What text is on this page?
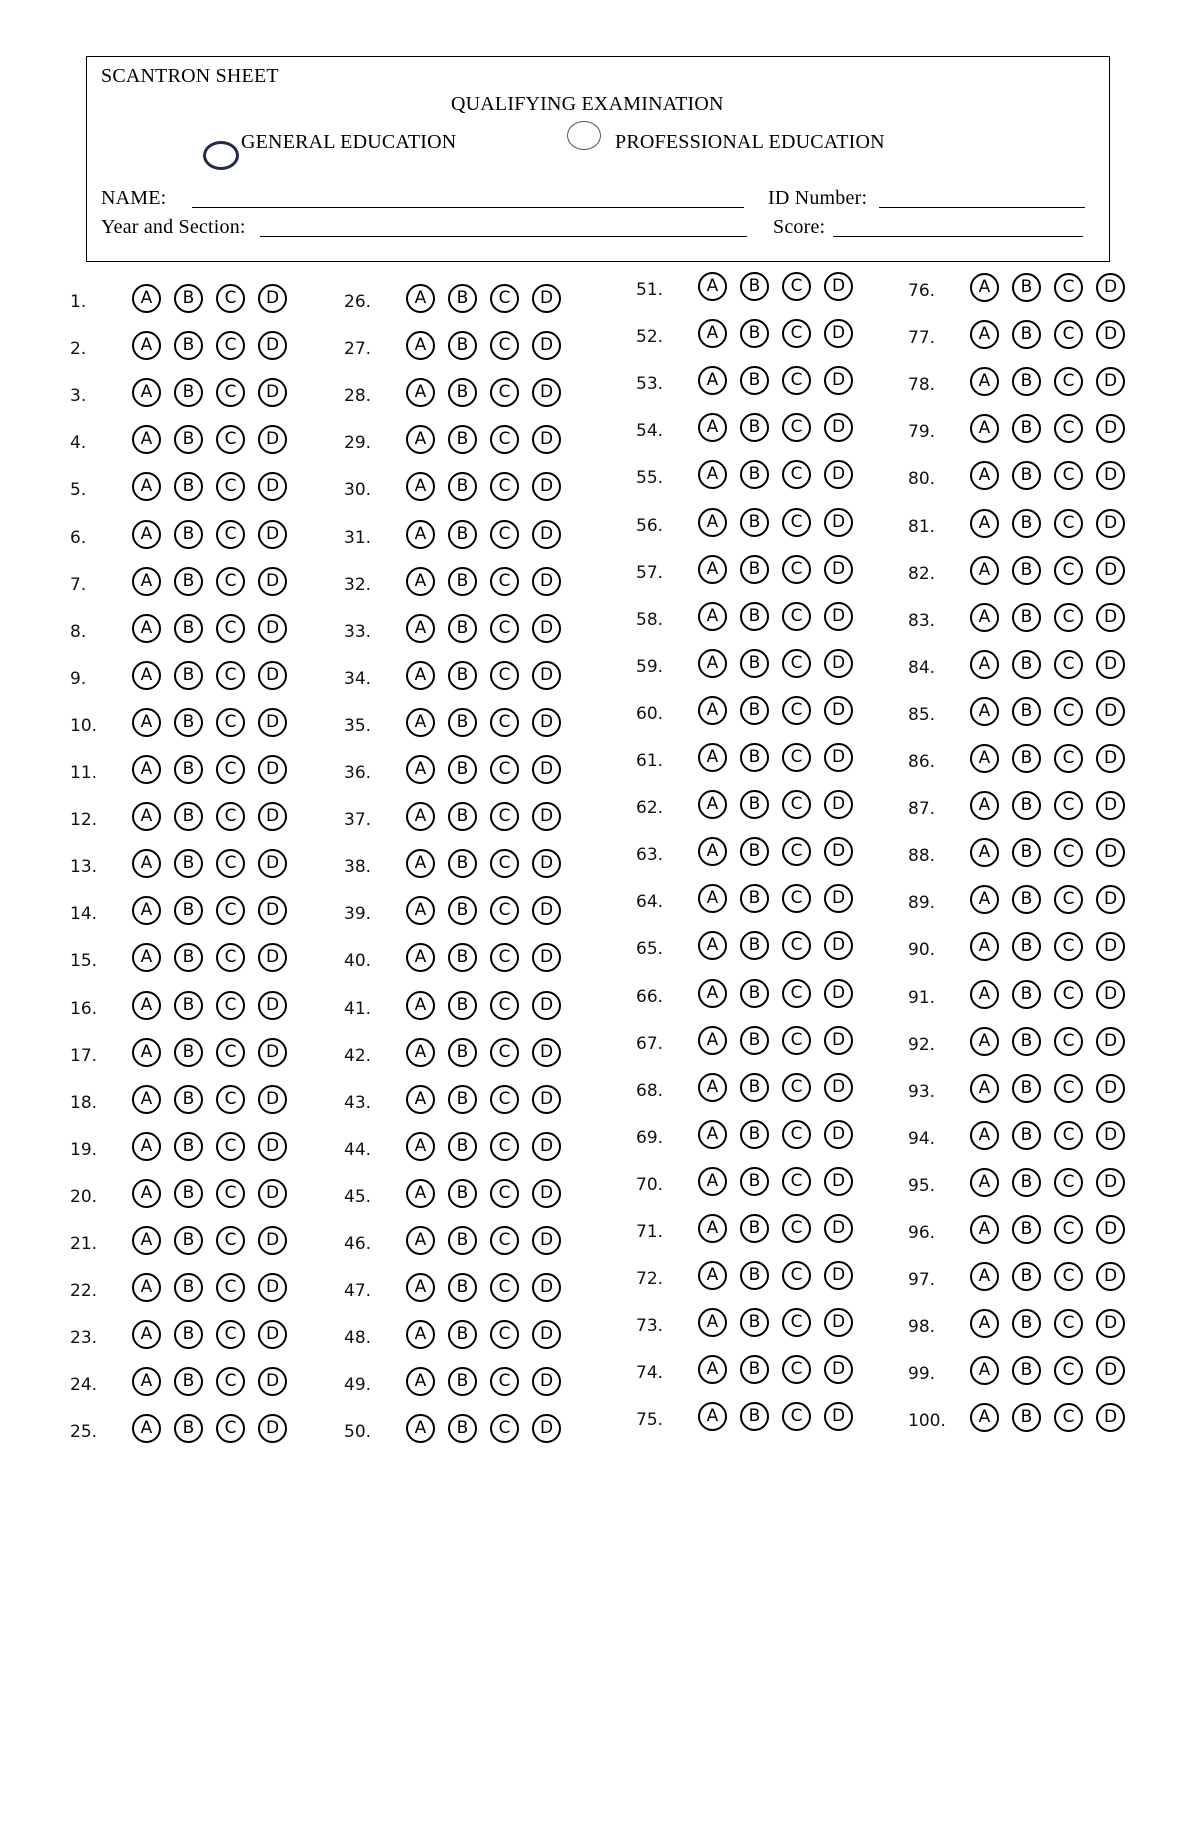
SCANTRON SHEET
QUALIFYING EXAMINATION
GENERAL EDUCATION	PROFESSIONAL EDUCATION
NAME:	ID Number:
Year and Section:	Score:
1.	A	B	C	D
2.	A	B	C	D
3.	A	B	C	D
4.	A	B	C	D
5.	A	B	C	D
6.	A	B	C	D
7.	A	B	C	D
8.	A	B	C	D
9.	A	B	C	D
10.	A	B	C	D
11.	A	B	C	D
12.	A	B	C	D
13.	A	B	C	D
14.	A	B	C	D
15.	A	B	C	D
16.	A	B	C	D
17.	A	B	C	D
18.	A	B	C	D
19.	A	B	C	D
20.	A	B	C	D
21.	A	B	C	D
22.	A	B	C	D
23.	A	B	C	D
24.	A	B	C	D
25.	A	B	C	D
26.	A	B	C	D
27.	A	B	C	D
28.	A	B	C	D
29.	A	B	C	D
30.	A	B	C	D
31.	A	B	C	D
32.	A	B	C	D
33.	A	B	C	D
34.	A	B	C	D
35.	A	B	C	D
36.	A	B	C	D
37.	A	B	C	D
38.	A	B	C	D
39.	A	B	C	D
40.	A	B	C	D
41.	A	B	C	D
42.	A	B	C	D
43.	A	B	C	D
44.	A	B	C	D
45.	A	B	C	D
46.	A	B	C	D
47.	A	B	C	D
48.	A	B	C	D
49.	A	B	C	D
50.	A	B	C	D
51.	A	B	C	D
52.	A	B	C	D
53.	A	B	C	D
54.	A	B	C	D
55.	A	B	C	D
56.	A	B	C	D
57.	A	B	C	D
58.	A	B	C	D
59.	A	B	C	D
60.	A	B	C	D
61.	A	B	C	D
62.	A	B	C	D
63.	A	B	C	D
64.	A	B	C	D
65.	A	B	C	D
66.	A	B	C	D
67.	A	B	C	D
68.	A	B	C	D
69.	A	B	C	D
70.	A	B	C	D
71.	A	B	C	D
72.	A	B	C	D
73.	A	B	C	D
74.	A	B	C	D
75.	A	B	C	D
76.	A	B	C	D
77.	A	B	C	D
78.	A	B	C	D
79.	A	B	C	D
80.	A	B	C	D
81.	A	B	C	D
82.	A	B	C	D
83.	A	B	C	D
84.	A	B	C	D
85.	A	B	C	D
86.	A	B	C	D
87.	A	B	C	D
88.	A	B	C	D
89.	A	B	C	D
90.	A	B	C	D
91.	A	B	C	D
92.	A	B	C	D
93.	A	B	C	D
94.	A	B	C	D
95.	A	B	C	D
96.	A	B	C	D
97.	A	B	C	D
98.	A	B	C	D
99.	A	B	C	D
100.	A	B	C	D
